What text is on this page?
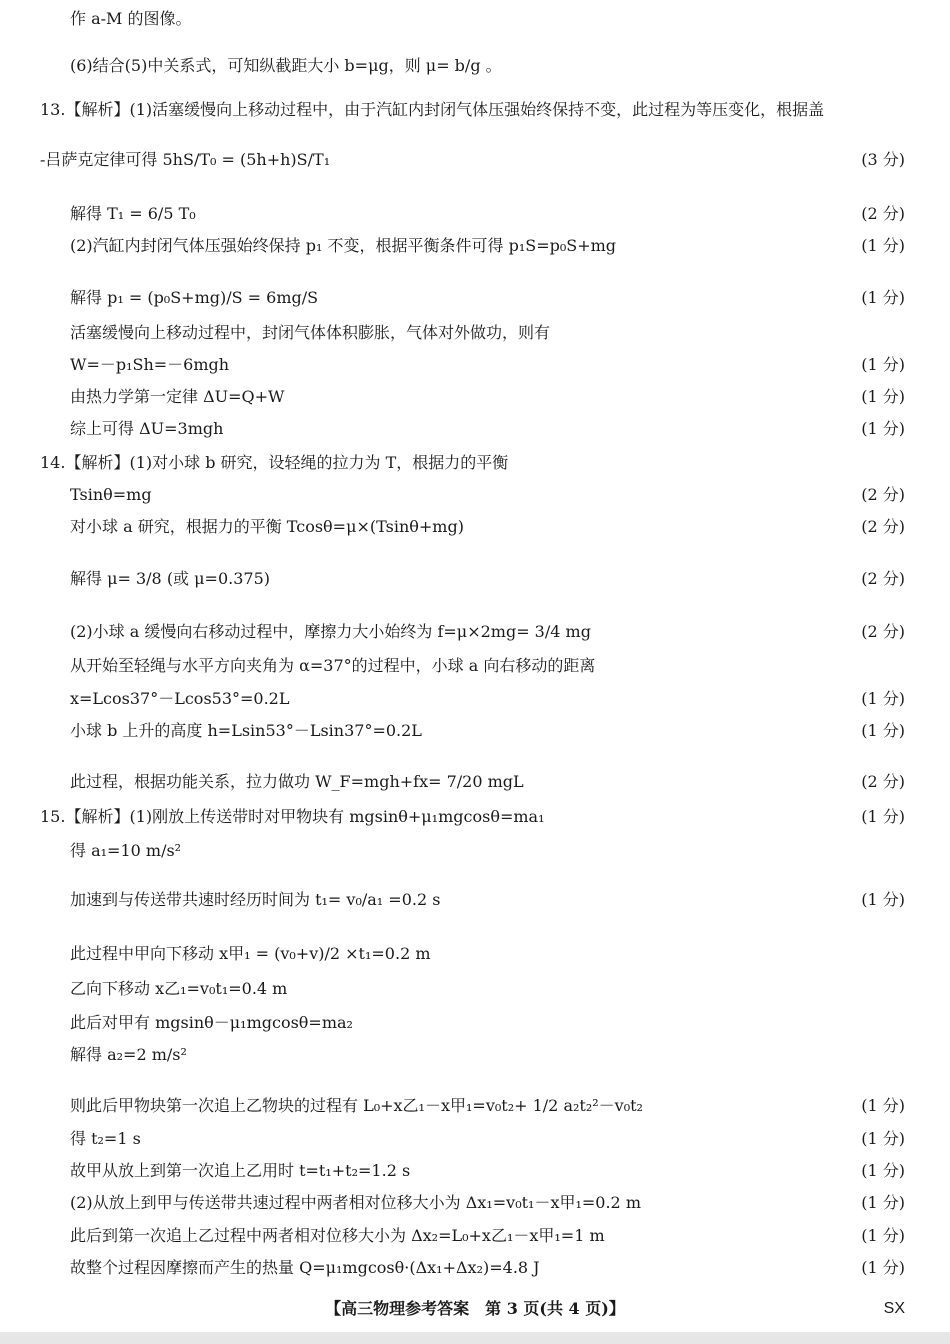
作 a-M 的图像。
(6)结合(5)中关系式，可知纵截距大小 b=μg，则 μ= b/g 。
13.【解析】(1)活塞缓慢向上移动过程中，由于汽缸内封闭气体压强始终保持不变，此过程为等压变化，根据盖
-吕萨克定律可得 5hS/T₀ = (5h+h)S/T₁	(3 分)
解得 T₁ = 6/5 T₀	(2 分)
(2)汽缸内封闭气体压强始终保持 p₁ 不变，根据平衡条件可得 p₁S=p₀S+mg	(1 分)
解得 p₁ = (p₀S+mg)/S = 6mg/S	(1 分)
活塞缓慢向上移动过程中，封闭气体体积膨胀，气体对外做功，则有
W=－p₁Sh=－6mgh	(1 分)
由热力学第一定律 ΔU=Q+W	(1 分)
综上可得 ΔU=3mgh	(1 分)
14.【解析】(1)对小球 b 研究，设轻绳的拉力为 T，根据力的平衡
Tsinθ=mg	(2 分)
对小球 a 研究，根据力的平衡 Tcosθ=μ×(Tsinθ+mg)	(2 分)
解得 μ= 3/8 (或 μ=0.375)	(2 分)
(2)小球 a 缓慢向右移动过程中，摩擦力大小始终为 f=μ×2mg= 3/4 mg	(2 分)
从开始至轻绳与水平方向夹角为 α=37°的过程中，小球 a 向右移动的距离
x=Lcos37°－Lcos53°=0.2L	(1 分)
小球 b 上升的高度 h=Lsin53°－Lsin37°=0.2L	(1 分)
此过程，根据功能关系，拉力做功 W_F=mgh+fx= 7/20 mgL	(2 分)
15.【解析】(1)刚放上传送带时对甲物块有 mgsinθ+μ₁mgcosθ=ma₁	(1 分)
得 a₁=10 m/s²
加速到与传送带共速时经历时间为 t₁= v₀/a₁ =0.2 s	(1 分)
此过程中甲向下移动 x甲₁ = (v₀+v)/2 ×t₁=0.2 m
乙向下移动 x乙₁=v₀t₁=0.4 m
此后对甲有 mgsinθ－μ₁mgcosθ=ma₂
解得 a₂=2 m/s²
则此后甲物块第一次追上乙物块的过程有 L₀+x乙₁－x甲₁=v₀t₂+ 1/2 a₂t₂²－v₀t₂	(1 分)
得 t₂=1 s	(1 分)
故甲从放上到第一次追上乙用时 t=t₁+t₂=1.2 s	(1 分)
(2)从放上到甲与传送带共速过程中两者相对位移大小为 Δx₁=v₀t₁－x甲₁=0.2 m	(1 分)
此后到第一次追上乙过程中两者相对位移大小为 Δx₂=L₀+x乙₁－x甲₁=1 m	(1 分)
故整个过程因摩擦而产生的热量 Q=μ₁mgcosθ·(Δx₁+Δx₂)=4.8 J	(1 分)
【高三物理参考答案　第 3 页(共 4 页)】	SX
